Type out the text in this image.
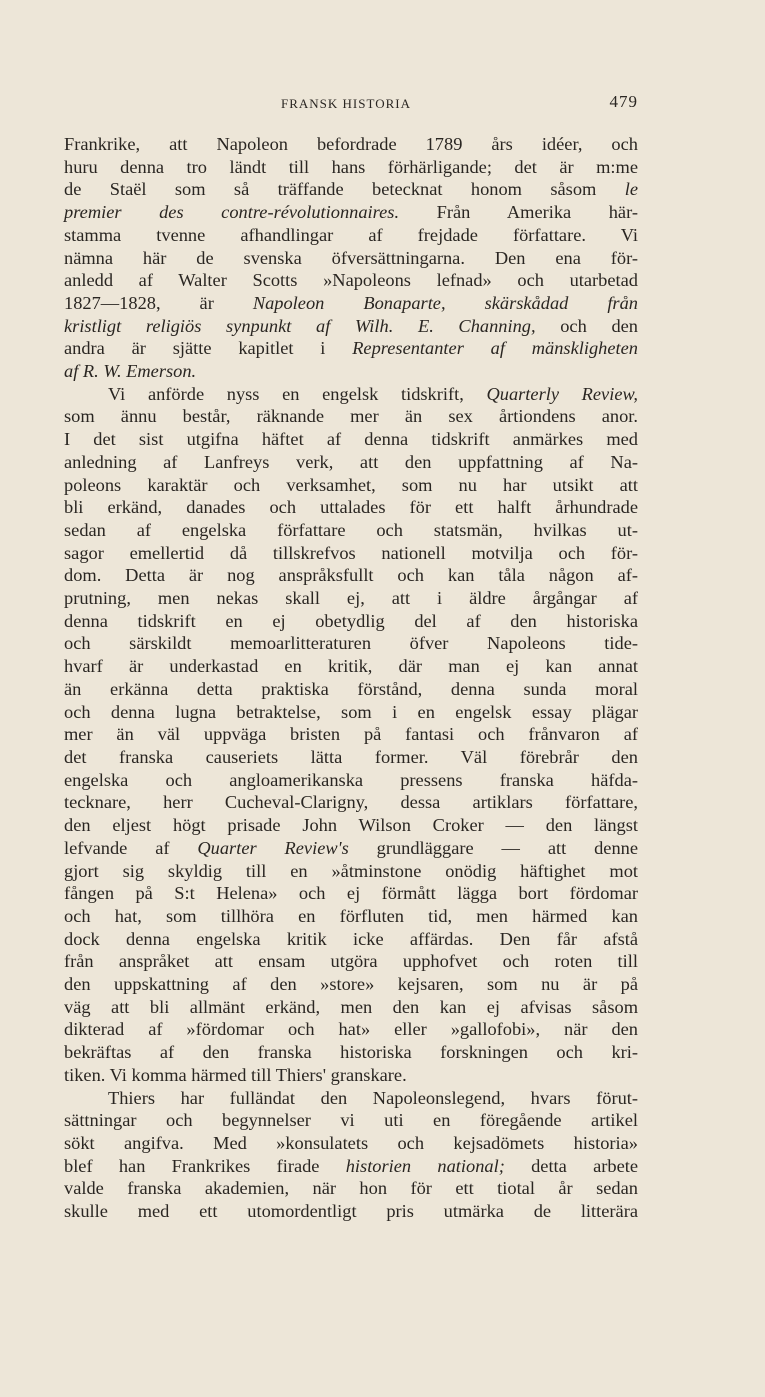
FRANSK HISTORIA	479
Frankrike, att Napoleon befordrade 1789 års idéer, och
huru denna tro ländt till hans förhärligande; det är m:me
de Staël som så träffande betecknat honom såsom le
premier des contre-révolutionnaires. Från Amerika här-
stamma tvenne afhandlingar af frejdade författare. Vi
nämna här de svenska öfversättningarna. Den ena för-
anledd af Walter Scotts »Napoleons lefnad» och utarbetad
1827—1828, är Napoleon Bonaparte, skärskådad från
kristligt religiös synpunkt af Wilh. E. Channing, och den
andra är sjätte kapitlet i Representanter af mänskligheten
af R. W. Emerson.
Vi anförde nyss en engelsk tidskrift, Quarterly Review,
som ännu består, räknande mer än sex årtiondens anor.
I det sist utgifna häftet af denna tidskrift anmärkes med
anledning af Lanfreys verk, att den uppfattning af Na-
poleons karaktär och verksamhet, som nu har utsikt att
bli erkänd, danades och uttalades för ett halft århundrade
sedan af engelska författare och statsmän, hvilkas ut-
sagor emellertid då tillskrefvos nationell motvilja och för-
dom. Detta är nog anspråksfullt och kan tåla någon af-
prutning, men nekas skall ej, att i äldre årgångar af
denna tidskrift en ej obetydlig del af den historiska
och särskildt memoarlitteraturen öfver Napoleons tide-
hvarf är underkastad en kritik, där man ej kan annat
än erkänna detta praktiska förstånd, denna sunda moral
och denna lugna betraktelse, som i en engelsk essay plägar
mer än väl uppväga bristen på fantasi och frånvaron af
det franska causeriets lätta former. Väl förebrår den
engelska och angloamerikanska pressens franska häfda-
tecknare, herr Cucheval-Clarigny, dessa artiklars författare,
den eljest högt prisade John Wilson Croker — den längst
lefvande af Quarter Review's grundläggare — att denne
gjort sig skyldig till en »åtminstone onödig häftighet mot
fången på S:t Helena» och ej förmått lägga bort fördomar
och hat, som tillhöra en förfluten tid, men härmed kan
dock denna engelska kritik icke affärdas. Den får afstå
från anspråket att ensam utgöra upphofvet och roten till
den uppskattning af den »store» kejsaren, som nu är på
väg att bli allmänt erkänd, men den kan ej afvisas såsom
dikterad af »fördomar och hat» eller »gallofobi», när den
bekräftas af den franska historiska forskningen och kri-
tiken. Vi komma härmed till Thiers' granskare.
Thiers har fulländat den Napoleonslegend, hvars förut-
sättningar och begynnelser vi uti en föregående artikel
sökt angifva. Med »konsulatets och kejsadömets historia»
blef han Frankrikes firade historien national; detta arbete
valde franska akademien, när hon för ett tiotal år sedan
skulle med ett utomordentligt pris utmärka de litterära
